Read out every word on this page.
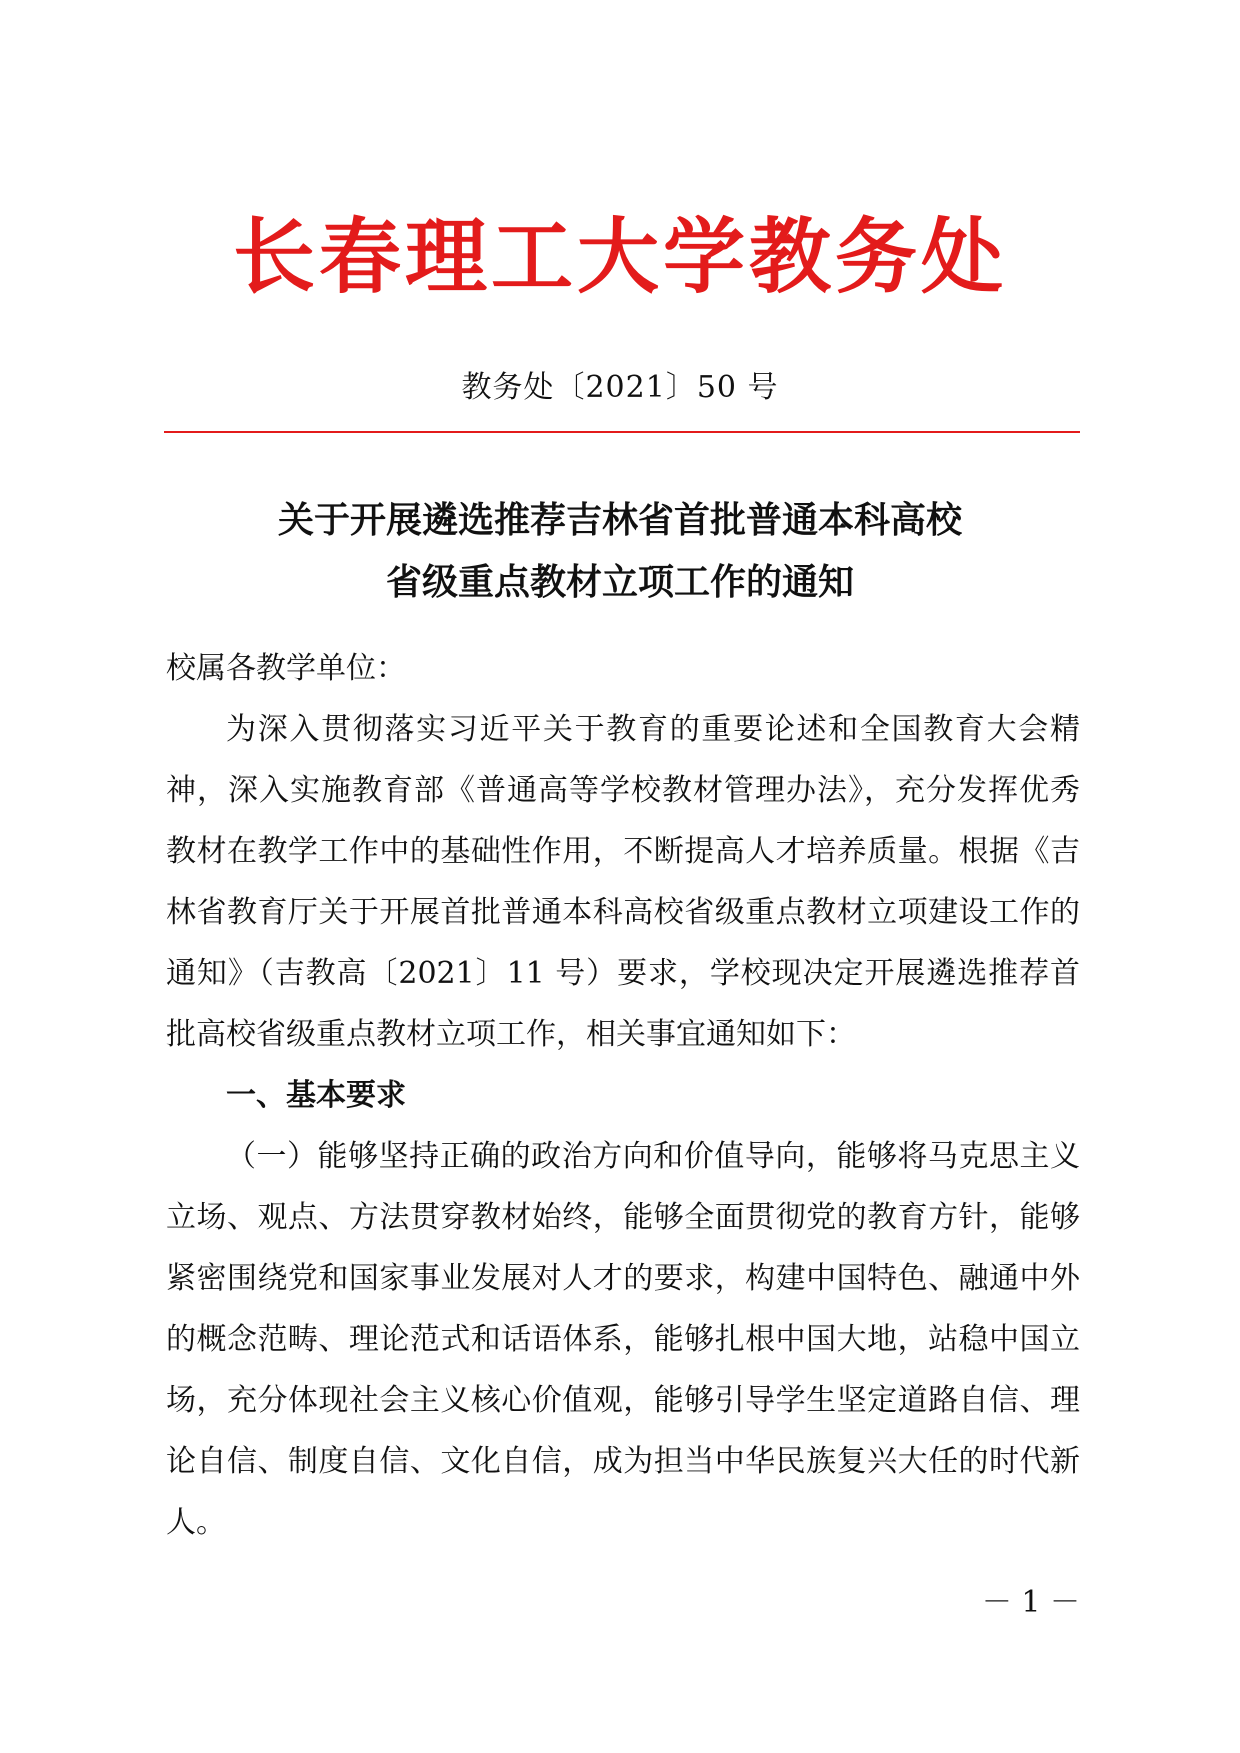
长春理工大学教务处
教务处〔2021〕50 号
关于开展遴选推荐吉林省首批普通本科高校
省级重点教材立项工作的通知

校属各教学单位：

为深入贯彻落实习近平关于教育的重要论述和全国教育大会精神，深入实施教育部《普通高等学校教材管理办法》，充分发挥优秀教材在教学工作中的基础性作用，不断提高人才培养质量。根据《吉林省教育厅关于开展首批普通本科高校省级重点教材立项建设工作的通知》（吉教高〔2021〕11 号）要求，学校现决定开展遴选推荐首批高校省级重点教材立项工作，相关事宜通知如下：

一、基本要求

（一）能够坚持正确的政治方向和价值导向，能够将马克思主义立场、观点、方法贯穿教材始终，能够全面贯彻党的教育方针，能够紧密围绕党和国家事业发展对人才的要求，构建中国特色、融通中外的概念范畴、理论范式和话语体系，能够扎根中国大地，站稳中国立场，充分体现社会主义核心价值观，能够引导学生坚定道路自信、理论自信、制度自信、文化自信，成为担当中华民族复兴大任的时代新人。

－ 1 －
